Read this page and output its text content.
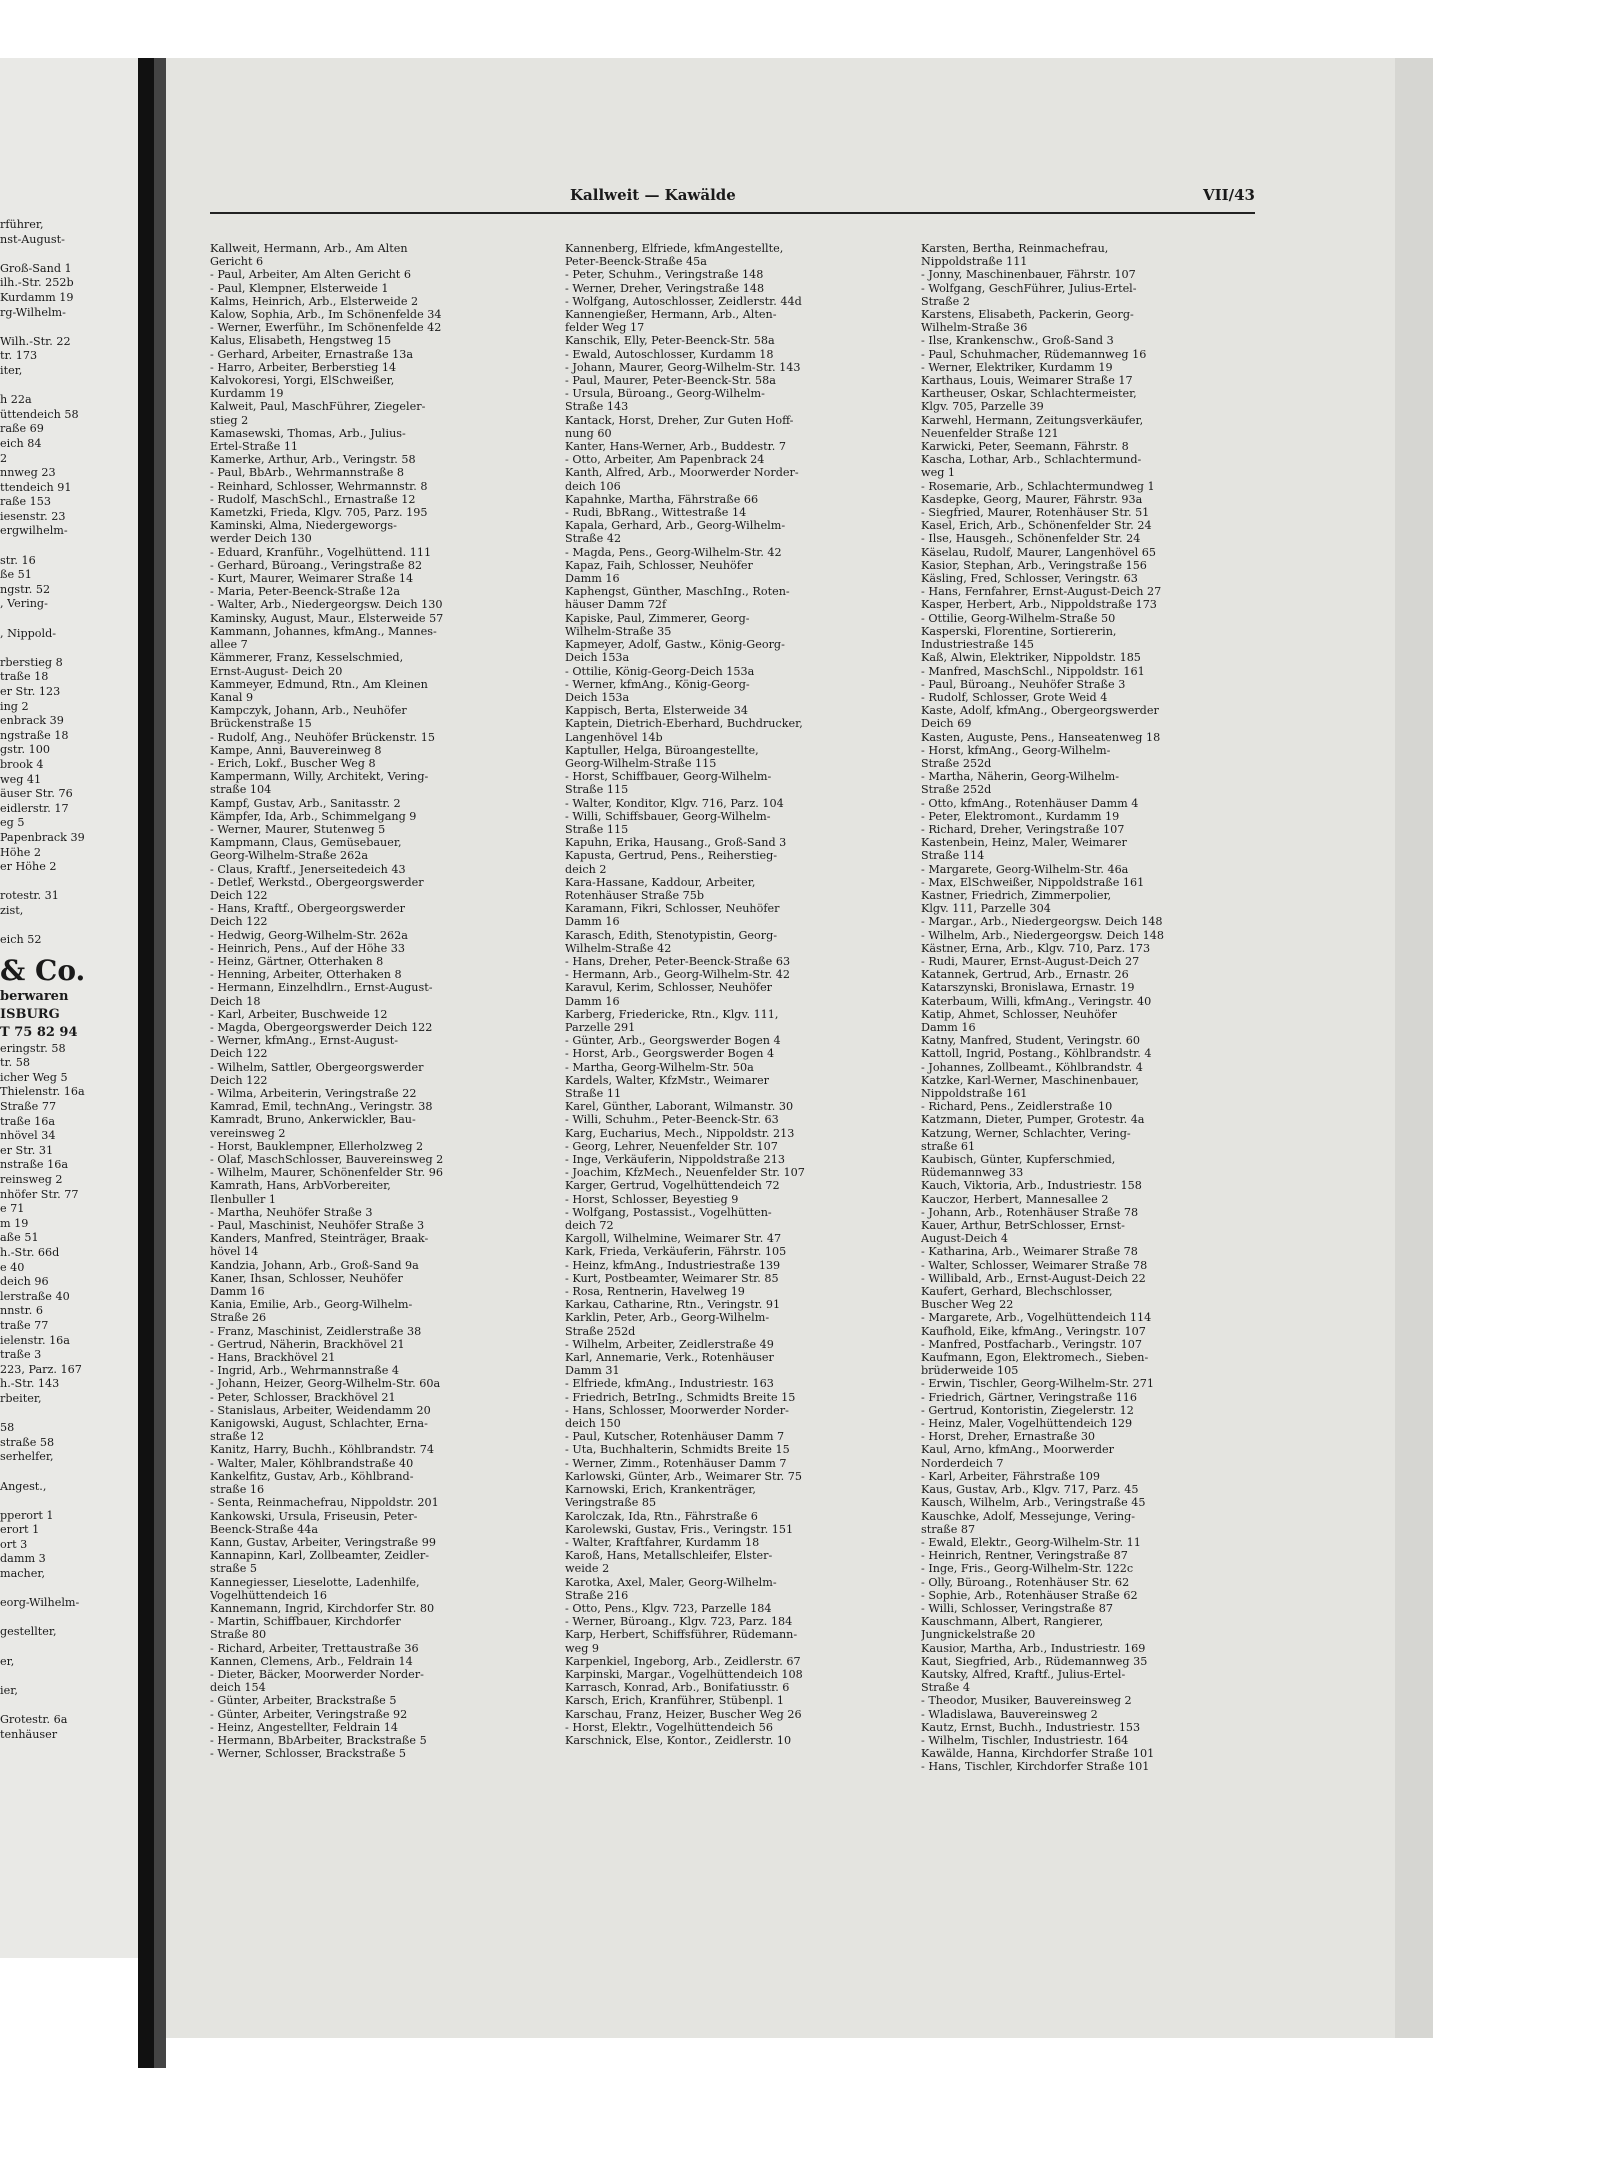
rführer,
nst-August-

Groß-Sand 1
ilh.-Str. 252b
Kurdamm 19
rg-Wilhelm-

Wilh.-Str. 22
tr. 173
iter,

h 22a
üttendeich 58
raße 69
eich 84
2
nnweg 23
ttendeich 91
raße 153
iesenstr. 23
ergwilhelm-

str. 16
ße 51
ngstr. 52
, Vering-

, Nippold-

rberstieg 8
traße 18
er Str. 123
ing 2
enbrack 39
ngstraße 18
gstr. 100
brook 4
weg 41
äuser Str. 76
eidlerstr. 17
eg 5
Papenbrack 39
Höhe 2
er Höhe 2

rotestr. 31
zist,

eich 52
& Co.
berwaren
ISBURG
T 75 82 94
eringstr. 58
tr. 58
icher Weg 5
Thielenstr. 16a
Straße 77
traße 16a
nhövel 34
er Str. 31
nstraße 16a
reinsweg 2
nhöfer Str. 77
e 71
m 19
aße 51
h.-Str. 66d
e 40
deich 96
lerstraße 40
nnstr. 6
traße 77
ielenstr. 16a
traße 3
223, Parz. 167
h.-Str. 143
rbeiter,

58
straße 58
serhelfer,

Angest.,

pperort 1
erort 1
ort 3
damm 3
macher,

eorg-Wilhelm-

gestellter,

er,

ier,

Grotestr. 6a
tenhäuser
Kallweit — Kawälde	VII/43
Kallweit, Hermann, Arb., Am Alten
Gericht 6
- Paul, Arbeiter, Am Alten Gericht 6
- Paul, Klempner, Elsterweide 1
Kalms, Heinrich, Arb., Elsterweide 2
Kalow, Sophia, Arb., Im Schönenfelde 34
- Werner, Ewerführ., Im Schönenfelde 42
Kalus, Elisabeth, Hengstweg 15
- Gerhard, Arbeiter, Ernastraße 13a
- Harro, Arbeiter, Berberstieg 14
Kalvokoresi, Yorgi, ElSchweißer,
Kurdamm 19
Kalweit, Paul, MaschFührer, Ziegeler-
stieg 2
Kamasewski, Thomas, Arb., Julius-
Ertel-Straße 11
Kamerke, Arthur, Arb., Veringstr. 58
- Paul, BbArb., Wehrmannstraße 8
- Reinhard, Schlosser, Wehrmannstr. 8
- Rudolf, MaschSchl., Ernastraße 12
Kametzki, Frieda, Klgv. 705, Parz. 195
Kaminski, Alma, Niedergeworgs-
werder Deich 130
- Eduard, Kranführ., Vogelhüttend. 111
- Gerhard, Büroang., Veringstraße 82
- Kurt, Maurer, Weimarer Straße 14
- Maria, Peter-Beenck-Straße 12a
- Walter, Arb., Niedergeorgsw. Deich 130
Kaminsky, August, Maur., Elsterweide 57
Kammann, Johannes, kfmAng., Mannes-
allee 7
Kämmerer, Franz, Kesselschmied,
Ernst-August- Deich 20
Kammeyer, Edmund, Rtn., Am Kleinen
Kanal 9
Kampczyk, Johann, Arb., Neuhöfer
Brückenstraße 15
- Rudolf, Ang., Neuhöfer Brückenstr. 15
Kampe, Anni, Bauvereinweg 8
- Erich, Lokf., Buscher Weg 8
Kampermann, Willy, Architekt, Vering-
straße 104
Kampf, Gustav, Arb., Sanitasstr. 2
Kämpfer, Ida, Arb., Schimmelgang 9
- Werner, Maurer, Stutenweg 5
Kampmann, Claus, Gemüsebauer,
Georg-Wilhelm-Straße 262a
- Claus, Kraftf., Jenerseitedeich 43
- Detlef, Werkstd., Obergeorgswerder
Deich 122
- Hans, Kraftf., Obergeorgswerder
Deich 122
- Hedwig, Georg-Wilhelm-Str. 262a
- Heinrich, Pens., Auf der Höhe 33
- Heinz, Gärtner, Otterhaken 8
- Henning, Arbeiter, Otterhaken 8
- Hermann, Einzelhdlrn., Ernst-August-
Deich 18
- Karl, Arbeiter, Buschweide 12
- Magda, Obergeorgswerder Deich 122
- Werner, kfmAng., Ernst-August-
Deich 122
- Wilhelm, Sattler, Obergeorgswerder
Deich 122
- Wilma, Arbeiterin, Veringstraße 22
Kamrad, Emil, technAng., Veringstr. 38
Kamradt, Bruno, Ankerwickler, Bau-
vereinsweg 2
- Horst, Bauklempner, Ellerholzweg 2
- Olaf, MaschSchlosser, Bauvereinsweg 2
- Wilhelm, Maurer, Schönenfelder Str. 96
Kamrath, Hans, ArbVorbereiter,
Ilenbuller 1
- Martha, Neuhöfer Straße 3
- Paul, Maschinist, Neuhöfer Straße 3
Kanders, Manfred, Steinträger, Braak-
hövel 14
Kandzia, Johann, Arb., Groß-Sand 9a
Kaner, Ihsan, Schlosser, Neuhöfer
Damm 16
Kania, Emilie, Arb., Georg-Wilhelm-
Straße 26
- Franz, Maschinist, Zeidlerstraße 38
- Gertrud, Näherin, Brackhövel 21
- Hans, Brackhövel 21
- Ingrid, Arb., Wehrmannstraße 4
- Johann, Heizer, Georg-Wilhelm-Str. 60a
- Peter, Schlosser, Brackhövel 21
- Stanislaus, Arbeiter, Weidendamm 20
Kanigowski, August, Schlachter, Erna-
straße 12
Kanitz, Harry, Buchh., Köhlbrandstr. 74
- Walter, Maler, Köhlbrandstraße 40
Kankelfitz, Gustav, Arb., Köhlbrand-
straße 16
- Senta, Reinmachefrau, Nippoldstr. 201
Kankowski, Ursula, Friseusin, Peter-
Beenck-Straße 44a
Kann, Gustav, Arbeiter, Veringstraße 99
Kannapinn, Karl, Zollbeamter, Zeidler-
straße 5
Kannegiesser, Lieselotte, Ladenhilfe,
Vogelhüttendeich 16
Kannemann, Ingrid, Kirchdorfer Str. 80
- Martin, Schiffbauer, Kirchdorfer
Straße 80
- Richard, Arbeiter, Trettaustraße 36
Kannen, Clemens, Arb., Feldrain 14
- Dieter, Bäcker, Moorwerder Norder-
deich 154
- Günter, Arbeiter, Brackstraße 5
- Günter, Arbeiter, Veringstraße 92
- Heinz, Angestellter, Feldrain 14
- Hermann, BbArbeiter, Brackstraße 5
- Werner, Schlosser, Brackstraße 5
Kannenberg, Elfriede, kfmAngestellte,
Peter-Beenck-Straße 45a
- Peter, Schuhm., Veringstraße 148
- Werner, Dreher, Veringstraße 148
- Wolfgang, Autoschlosser, Zeidlerstr. 44d
Kannengießer, Hermann, Arb., Alten-
felder Weg 17
Kanschik, Elly, Peter-Beenck-Str. 58a
- Ewald, Autoschlosser, Kurdamm 18
- Johann, Maurer, Georg-Wilhelm-Str. 143
- Paul, Maurer, Peter-Beenck-Str. 58a
- Ursula, Büroang., Georg-Wilhelm-
Straße 143
Kantack, Horst, Dreher, Zur Guten Hoff-
nung 60
Kanter, Hans-Werner, Arb., Buddestr. 7
- Otto, Arbeiter, Am Papenbrack 24
Kanth, Alfred, Arb., Moorwerder Norder-
deich 106
Kapahnke, Martha, Fährstraße 66
- Rudi, BbRang., Wittestraße 14
Kapala, Gerhard, Arb., Georg-Wilhelm-
Straße 42
- Magda, Pens., Georg-Wilhelm-Str. 42
Kapaz, Faih, Schlosser, Neuhöfer
Damm 16
Kaphengst, Günther, MaschIng., Roten-
häuser Damm 72f
Kapiske, Paul, Zimmerer, Georg-
Wilhelm-Straße 35
Kapmeyer, Adolf, Gastw., König-Georg-
Deich 153a
- Ottilie, König-Georg-Deich 153a
- Werner, kfmAng., König-Georg-
Deich 153a
Kappisch, Berta, Elsterweide 34
Kaptein, Dietrich-Eberhard, Buchdrucker,
Langenhövel 14b
Kaptuller, Helga, Büroangestellte,
Georg-Wilhelm-Straße 115
- Horst, Schiffbauer, Georg-Wilhelm-
Straße 115
- Walter, Konditor, Klgv. 716, Parz. 104
- Willi, Schiffsbauer, Georg-Wilhelm-
Straße 115
Kapuhn, Erika, Hausang., Groß-Sand 3
Kapusta, Gertrud, Pens., Reiherstieg-
deich 2
Kara-Hassane, Kaddour, Arbeiter,
Rotenhäuser Straße 75b
Karamann, Fikri, Schlosser, Neuhöfer
Damm 16
Karasch, Edith, Stenotypistin, Georg-
Wilhelm-Straße 42
- Hans, Dreher, Peter-Beenck-Straße 63
- Hermann, Arb., Georg-Wilhelm-Str. 42
Karavul, Kerim, Schlosser, Neuhöfer
Damm 16
Karberg, Friedericke, Rtn., Klgv. 111,
Parzelle 291
- Günter, Arb., Georgswerder Bogen 4
- Horst, Arb., Georgswerder Bogen 4
- Martha, Georg-Wilhelm-Str. 50a
Kardels, Walter, KfzMstr., Weimarer
Straße 11
Karel, Günther, Laborant, Wilmanstr. 30
- Willi, Schuhm., Peter-Beenck-Str. 63
Karg, Eucharius, Mech., Nippoldstr. 213
- Georg, Lehrer, Neuenfelder Str. 107
- Inge, Verkäuferin, Nippoldstraße 213
- Joachim, KfzMech., Neuenfelder Str. 107
Karger, Gertrud, Vogelhüttendeich 72
- Horst, Schlosser, Beyestieg 9
- Wolfgang, Postassist., Vogelhütten-
deich 72
Kargoll, Wilhelmine, Weimarer Str. 47
Kark, Frieda, Verkäuferin, Fährstr. 105
- Heinz, kfmAng., Industriestraße 139
- Kurt, Postbeamter, Weimarer Str. 85
- Rosa, Rentnerin, Havelweg 19
Karkau, Catharine, Rtn., Veringstr. 91
Karklin, Peter, Arb., Georg-Wilhelm-
Straße 252d
- Wilhelm, Arbeiter, Zeidlerstraße 49
Karl, Annemarie, Verk., Rotenhäuser
Damm 31
- Elfriede, kfmAng., Industriestr. 163
- Friedrich, BetrIng., Schmidts Breite 15
- Hans, Schlosser, Moorwerder Norder-
deich 150
- Paul, Kutscher, Rotenhäuser Damm 7
- Uta, Buchhalterin, Schmidts Breite 15
- Werner, Zimm., Rotenhäuser Damm 7
Karlowski, Günter, Arb., Weimarer Str. 75
Karnowski, Erich, Krankenträger,
Veringstraße 85
Karolczak, Ida, Rtn., Fährstraße 6
Karolewski, Gustav, Fris., Veringstr. 151
- Walter, Kraftfahrer, Kurdamm 18
Karoß, Hans, Metallschleifer, Elster-
weide 2
Karotka, Axel, Maler, Georg-Wilhelm-
Straße 216
- Otto, Pens., Klgv. 723, Parzelle 184
- Werner, Büroang., Klgv. 723, Parz. 184
Karp, Herbert, Schiffsführer, Rüdemann-
weg 9
Karpenkiel, Ingeborg, Arb., Zeidlerstr. 67
Karpinski, Margar., Vogelhüttendeich 108
Karrasch, Konrad, Arb., Bonifatiusstr. 6
Karsch, Erich, Kranführer, Stübenpl. 1
Karschau, Franz, Heizer, Buscher Weg 26
- Horst, Elektr., Vogelhüttendeich 56
Karschnick, Else, Kontor., Zeidlerstr. 10
Karsten, Bertha, Reinmachefrau,
Nippoldstraße 111
- Jonny, Maschinenbauer, Fährstr. 107
- Wolfgang, GeschFührer, Julius-Ertel-
Straße 2
Karstens, Elisabeth, Packerin, Georg-
Wilhelm-Straße 36
- Ilse, Krankenschw., Groß-Sand 3
- Paul, Schuhmacher, Rüdemannweg 16
- Werner, Elektriker, Kurdamm 19
Karthaus, Louis, Weimarer Straße 17
Kartheuser, Oskar, Schlachtermeister,
Klgv. 705, Parzelle 39
Karwehl, Hermann, Zeitungsverkäufer,
Neuenfelder Straße 121
Karwicki, Peter, Seemann, Fährstr. 8
Kascha, Lothar, Arb., Schlachtermund-
weg 1
- Rosemarie, Arb., Schlachtermundweg 1
Kasdepke, Georg, Maurer, Fährstr. 93a
- Siegfried, Maurer, Rotenhäuser Str. 51
Kasel, Erich, Arb., Schönenfelder Str. 24
- Ilse, Hausgeh., Schönenfelder Str. 24
Käselau, Rudolf, Maurer, Langenhövel 65
Kasior, Stephan, Arb., Veringstraße 156
Käsling, Fred, Schlosser, Veringstr. 63
- Hans, Fernfahrer, Ernst-August-Deich 27
Kasper, Herbert, Arb., Nippoldstraße 173
- Ottilie, Georg-Wilhelm-Straße 50
Kasperski, Florentine, Sortiererin,
Industriestraße 145
Kaß, Alwin, Elektriker, Nippoldstr. 185
- Manfred, MaschSchl., Nippoldstr. 161
- Paul, Büroang., Neuhöfer Straße 3
- Rudolf, Schlosser, Grote Weid 4
Kaste, Adolf, kfmAng., Obergeorgswerder
Deich 69
Kasten, Auguste, Pens., Hanseatenweg 18
- Horst, kfmAng., Georg-Wilhelm-
Straße 252d
- Martha, Näherin, Georg-Wilhelm-
Straße 252d
- Otto, kfmAng., Rotenhäuser Damm 4
- Peter, Elektromont., Kurdamm 19
- Richard, Dreher, Veringstraße 107
Kastenbein, Heinz, Maler, Weimarer
Straße 114
- Margarete, Georg-Wilhelm-Str. 46a
- Max, ElSchweißer, Nippoldstraße 161
Kastner, Friedrich, Zimmerpolier,
Klgv. 111, Parzelle 304
- Margar., Arb., Niedergeorgsw. Deich 148
- Wilhelm, Arb., Niedergeorgsw. Deich 148
Kästner, Erna, Arb., Klgv. 710, Parz. 173
- Rudi, Maurer, Ernst-August-Deich 27
Katannek, Gertrud, Arb., Ernastr. 26
Katarszynski, Bronislawa, Ernastr. 19
Katerbaum, Willi, kfmAng., Veringstr. 40
Katip, Ahmet, Schlosser, Neuhöfer
Damm 16
Katny, Manfred, Student, Veringstr. 60
Kattoll, Ingrid, Postang., Köhlbrandstr. 4
- Johannes, Zollbeamt., Köhlbrandstr. 4
Katzke, Karl-Werner, Maschinenbauer,
Nippoldstraße 161
- Richard, Pens., Zeidlerstraße 10
Katzmann, Dieter, Pumper, Grotestr. 4a
Katzung, Werner, Schlachter, Vering-
straße 61
Kaubisch, Günter, Kupferschmied,
Rüdemannweg 33
Kauch, Viktoria, Arb., Industriestr. 158
Kauczor, Herbert, Mannesallee 2
- Johann, Arb., Rotenhäuser Straße 78
Kauer, Arthur, BetrSchlosser, Ernst-
August-Deich 4
- Katharina, Arb., Weimarer Straße 78
- Walter, Schlosser, Weimarer Straße 78
- Willibald, Arb., Ernst-August-Deich 22
Kaufert, Gerhard, Blechschlosser,
Buscher Weg 22
- Margarete, Arb., Vogelhüttendeich 114
Kaufhold, Eike, kfmAng., Veringstr. 107
- Manfred, Postfacharb., Veringstr. 107
Kaufmann, Egon, Elektromech., Sieben-
brüderweide 105
- Erwin, Tischler, Georg-Wilhelm-Str. 271
- Friedrich, Gärtner, Veringstraße 116
- Gertrud, Kontoristin, Ziegelerstr. 12
- Heinz, Maler, Vogelhüttendeich 129
- Horst, Dreher, Ernastraße 30
Kaul, Arno, kfmAng., Moorwerder
Norderdeich 7
- Karl, Arbeiter, Fährstraße 109
Kaus, Gustav, Arb., Klgv. 717, Parz. 45
Kausch, Wilhelm, Arb., Veringstraße 45
Kauschke, Adolf, Messejunge, Vering-
straße 87
- Ewald, Elektr., Georg-Wilhelm-Str. 11
- Heinrich, Rentner, Veringstraße 87
- Inge, Fris., Georg-Wilhelm-Str. 122c
- Olly, Büroang., Rotenhäuser Str. 62
- Sophie, Arb., Rotenhäuser Straße 62
- Willi, Schlosser, Veringstraße 87
Kauschmann, Albert, Rangierer,
Jungnickelstraße 20
Kausior, Martha, Arb., Industriestr. 169
Kaut, Siegfried, Arb., Rüdemannweg 35
Kautsky, Alfred, Kraftf., Julius-Ertel-
Straße 4
- Theodor, Musiker, Bauvereinsweg 2
- Wladislawa, Bauvereinsweg 2
Kautz, Ernst, Buchh., Industriestr. 153
- Wilhelm, Tischler, Industriestr. 164
Kawälde, Hanna, Kirchdorfer Straße 101
- Hans, Tischler, Kirchdorfer Straße 101
